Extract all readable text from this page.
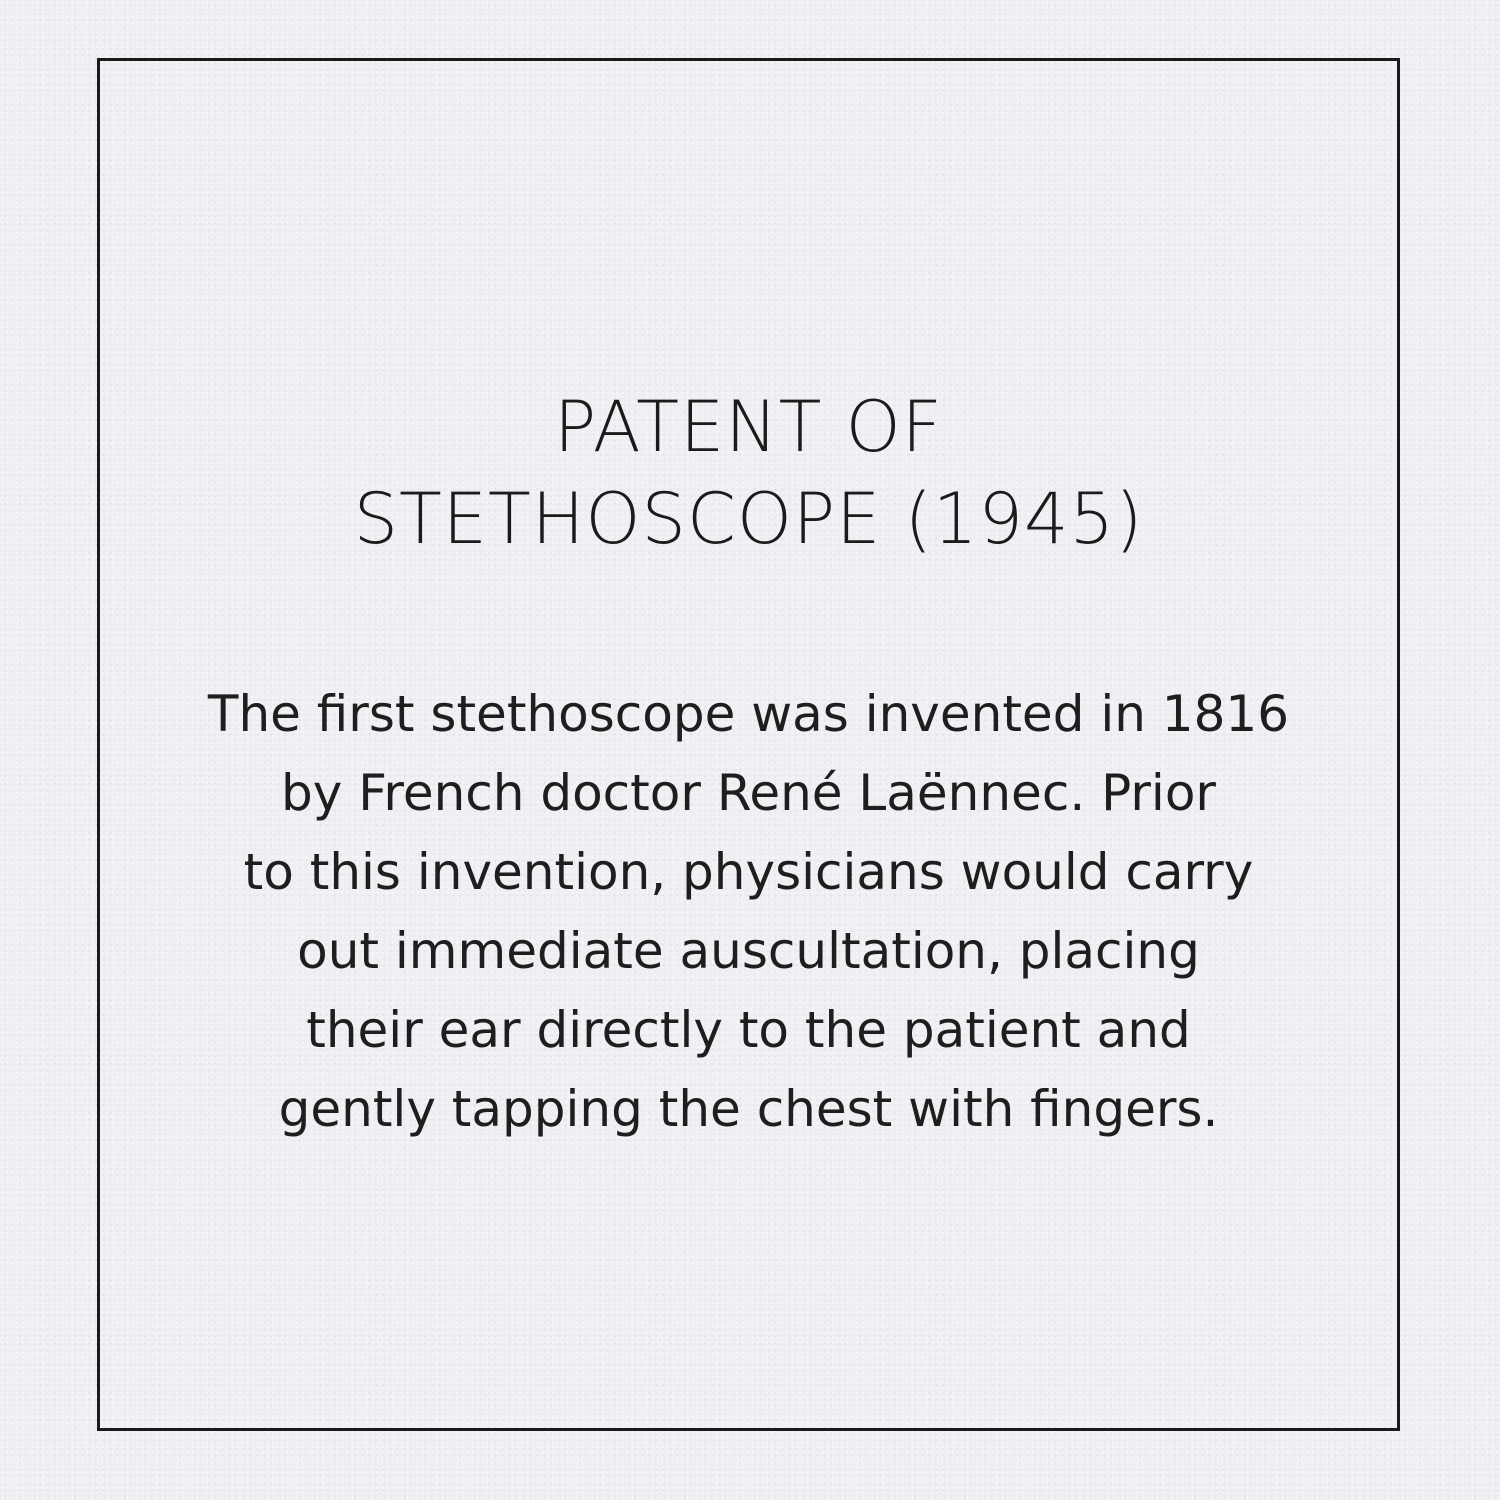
PATENT OF
STETHOSCOPE (1945)

The first stethoscope was invented in 1816
by French doctor René Laënnec. Prior
to this invention, physicians would carry
out immediate auscultation, placing
their ear directly to the patient and
gently tapping the chest with fingers.
